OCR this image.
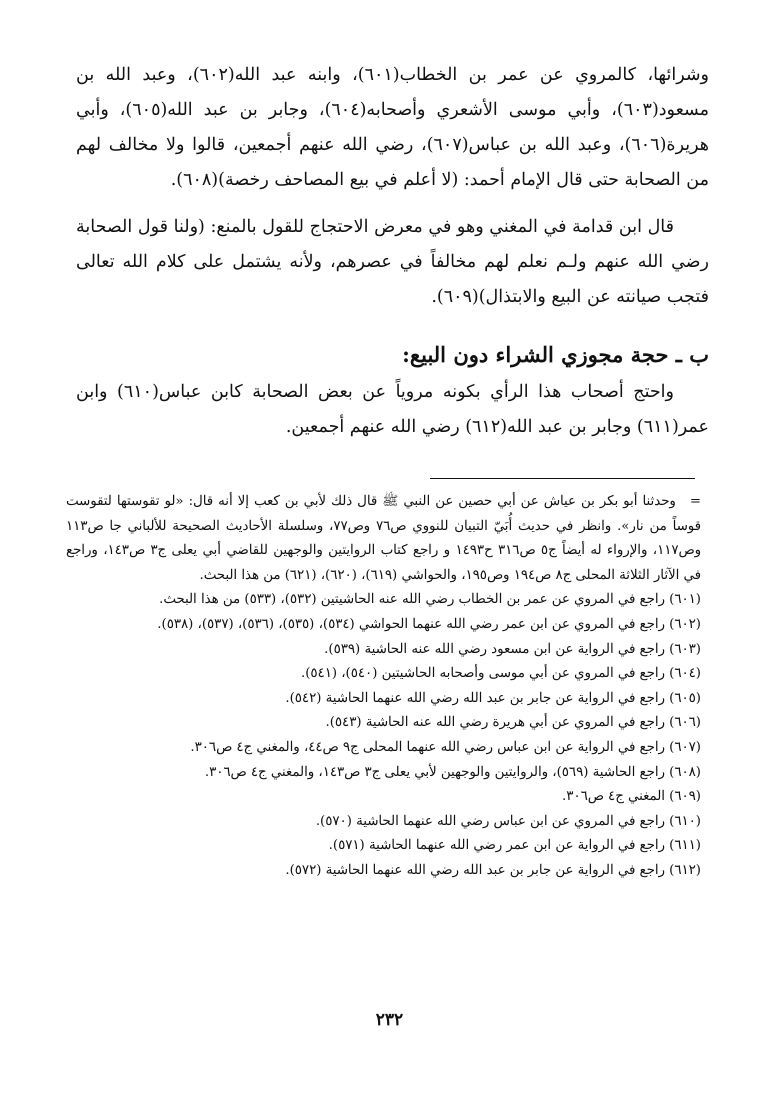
وشرائها، كالمروي عن عمر بن الخطاب(٦٠١)، وابنه عبد الله(٦٠٢)، وعبد الله بن مسعود(٦٠٣)، وأبي موسى الأشعري وأصحابه(٦٠٤)، وجابر بن عبد الله(٦٠٥)، وأبي هريرة(٦٠٦)، وعبد الله بن عباس(٦٠٧)، رضي الله عنهم أجمعين، قالوا ولا مخالف لهم من الصحابة حتى قال الإمام أحمد: (لا أعلم في بيع المصاحف رخصة)(٦٠٨).

قال ابن قدامة في المغني وهو في معرض الاحتجاج للقول بالمنع: (ولنا قول الصحابة رضي الله عنهم ولـم نعلم لهم مخالفاً في عصرهم، ولأنه يشتمل على كلام الله تعالى فتجب صيانته عن البيع والابتذال)(٦٠٩).

ب ـ حجة مجوزي الشراء دون البيع:

واحتج أصحاب هذا الرأي بكونه مروياً عن بعض الصحابة كابن عباس(٦١٠) وابن عمر(٦١١) وجابر بن عبد الله(٦١٢) رضي الله عنهم أجمعين.

=
وحدثنا أبو بكر بن عياش عن أبي حصين عن النبي ﷺ قال ذلك لأبي بن كعب إلا أنه قال: «لو تقوستها لتقوست قوساً من نار». وانظر في حديث أُبَيّ التبيان للنووي ص٧٦ وص٧٧، وسلسلة الأحاديث الصحيحة للألباني جا ص١١٣ وص١١٧، والإرواء له أيضاً ج٥ ص٣١٦ ح١٤٩٣ و راجع كتاب الروايتين والوجهين للقاضي أبي يعلى ج٣ ص١٤٣، وراجع في الآثار الثلاثة المحلى ج٨ ص١٩٤ وص١٩٥، والحواشي (٦١٩)، (٦٢٠)، (٦٢١) من هذا البحث.

(٦٠١) راجع في المروي عن عمر بن الخطاب رضي الله عنه الحاشيتين (٥٣٢)، (٥٣٣) من هذا البحث.

(٦٠٢) راجع في المروي عن ابن عمر رضي الله عنهما الحواشي (٥٣٤)، (٥٣٥)، (٥٣٦)، (٥٣٧)، (٥٣٨).

(٦٠٣) راجع في الرواية عن ابن مسعود رضي الله عنه الحاشية (٥٣٩).

(٦٠٤) راجع في المروي عن أبي موسى وأصحابه الحاشيتين (٥٤٠)، (٥٤١).

(٦٠٥) راجع في الرواية عن جابر بن عبد الله رضي الله عنهما الحاشية (٥٤٢).

(٦٠٦) راجع في المروي عن أبي هريرة رضي الله عنه الحاشية (٥٤٣).

(٦٠٧) راجع في الرواية عن ابن عباس رضي الله عنهما المحلى ج٩ ص٤٤، والمغني ج٤ ص٣٠٦.

(٦٠٨) راجع الحاشية (٥٦٩)، والروايتين والوجهين لأبي يعلى ج٣ ص١٤٣، والمغني ج٤ ص٣٠٦.

(٦٠٩) المغني ج٤ ص٣٠٦.

(٦١٠) راجع في المروي عن ابن عباس رضي الله عنهما الحاشية (٥٧٠).

(٦١١) راجع في الرواية عن ابن عمر رضي الله عنهما الحاشية (٥٧١).

(٦١٢) راجع في الرواية عن جابر بن عبد الله رضي الله عنهما الحاشية (٥٧٢).

٢٣٢
